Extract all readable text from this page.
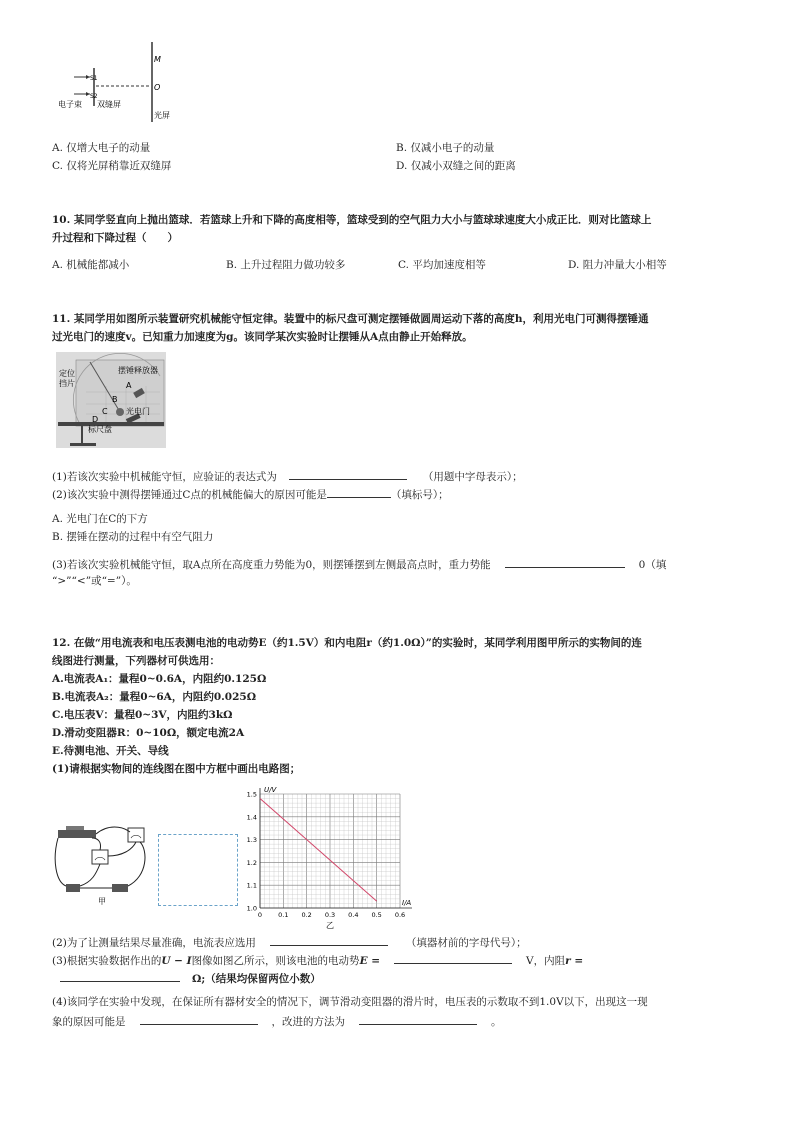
M
O
S1
S2
电子束 双缝屏
光屏
A. 仅增大电子的动量	B. 仅减小电子的动量
C. 仅将光屏稍靠近双缝屏	D. 仅减小双缝之间的距离
10. 某同学竖直向上抛出篮球．若篮球上升和下降的高度相等，篮球受到的空气阻力大小与篮球球速度大小成正比．则对比篮球上
升过程和下降过程（　　）
A. 机械能都减小	B. 上升过程阻力做功较多	C. 平均加速度相等	D. 阻力冲量大小相等
11. 某同学用如图所示装置研究机械能守恒定律。装置中的标尺盘可测定摆锤做圆周运动下落的高度h，利用光电门可测得摆锤通
过光电门的速度v。已知重力加速度为g。该同学某次实验时让摆锤从A点由静止开始释放。
定位
挡片
摆锤释放器
光电门
标尺盘
A
B
C
D
(1)若该次实验中机械能守恒，应验证的表达式为	（用题中字母表示）；
(2)该次实验中测得摆锤通过C点的机械能偏大的原因可能是	（填标号）；
A. 光电门在C的下方
B. 摆锤在摆动的过程中有空气阻力
(3)若该次实验机械能守恒，取A点所在高度重力势能为0，则摆锤摆到左侧最高点时，重力势能	0（填
“>”“<”或“=”）。
12. 在做“用电流表和电压表测电池的电动势E（约1.5V）和内电阻r（约1.0Ω）”的实验时，某同学利用图甲所示的实物间的连
线图进行测量，下列器材可供选用：
A.电流表A₁：量程0~0.6A，内阻约0.125Ω
B.电流表A₂：量程0~6A，内阻约0.025Ω
C.电压表V：量程0~3V，内阻约3kΩ
D.滑动变阻器R：0~10Ω，额定电流2A
E.待测电池、开关、导线
(1)请根据实物间的连线图在图中方框中画出电路图；
甲
0 0.1 0.2 0.3 0.4 0.5 0.6
1.0
1.1
1.2
1.3
1.4
1.5
U/V
I/A
乙
(2)为了让测量结果尽量准确，电流表应选用	（填器材前的字母代号）；
(3)根据实验数据作出的U − I图像如图乙所示，则该电池的电动势E =	V，内阻r =
Ω;（结果均保留两位小数）
(4)该同学在实验中发现，在保证所有器材安全的情况下，调节滑动变阻器的滑片时，电压表的示数取不到1.0V以下，出现这一现
象的原因可能是	，改进的方法为	。
